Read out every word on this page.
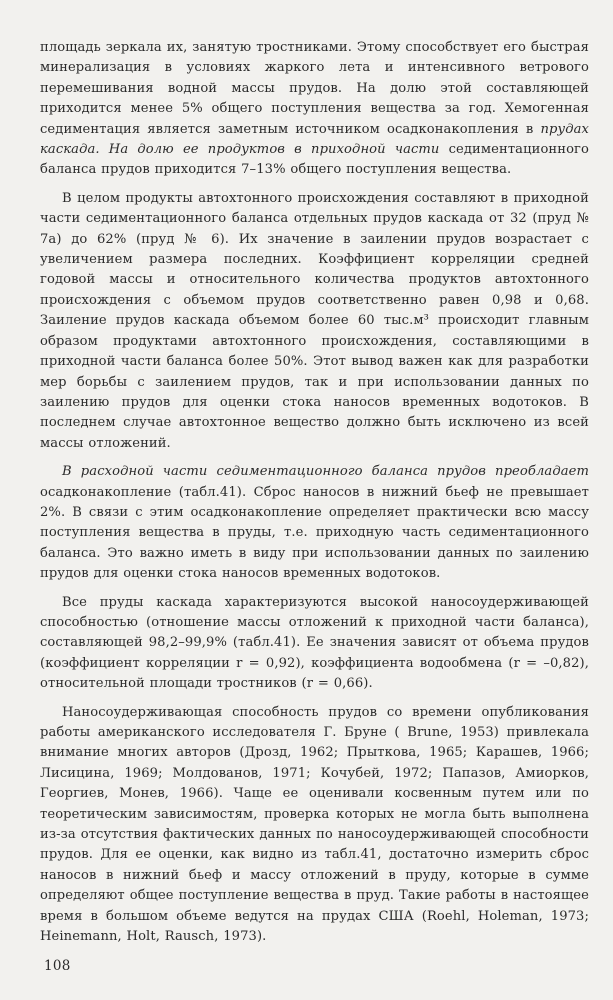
площадь зеркала их, занятую тростниками. Этому способствует его быстрая минерализация в условиях жаркого лета и интенсивного ветрового перемешивания водной массы прудов. На долю этой составляющей приходится менее 5% общего поступления вещества за год. Хемогенная седиментация является заметным источником осадконакопления в прудах каскада. На долю ее продуктов в приходной части седиментационного баланса прудов приходится 7–13% общего поступления вещества.

В целом продукты автохтонного происхождения составляют в приходной части седиментационного баланса отдельных прудов каскада от 32 (пруд № 7а) до 62% (пруд № 6). Их значение в заилении прудов возрастает с увеличением размера последних. Коэффициент корреляции средней годовой массы и относительного количества продуктов автохтонного происхождения с объемом прудов соответственно равен 0,98 и 0,68. Заиление прудов каскада объемом более 60 тыс.м³ происходит главным образом продуктами автохтонного происхождения, составляющими в приходной части баланса более 50%. Этот вывод важен как для разработки мер борьбы с заилением прудов, так и при использовании данных по заилению прудов для оценки стока наносов временных водотоков. В последнем случае автохтонное вещество должно быть исключено из всей массы отложений.

В расходной части седиментационного баланса прудов преобладает осадконакопление (табл.41). Сброс наносов в нижний бьеф не превышает 2%. В связи с этим осадконакопление определяет практически всю массу поступления вещества в пруды, т.е. приходную часть седиментационного баланса. Это важно иметь в виду при использовании данных по заилению прудов для оценки стока наносов временных водотоков.

Все пруды каскада характеризуются высокой наносоудерживающей способностью (отношение массы отложений к приходной части баланса), составляющей 98,2–99,9% (табл.41). Ее значения зависят от объема прудов (коэффициент корреляции r = 0,92), коэффициента водообмена (r = –0,82), относительной площади тростников (r = 0,66).

Наносоудерживающая способность прудов со времени опубликования работы американского исследователя Г. Бруне ( Brune, 1953) привлекала внимание многих авторов (Дрозд, 1962; Прыткова, 1965; Карашев, 1966; Лисицина, 1969; Молдованов, 1971; Кочубей, 1972; Папазов, Амиорков, Георгиев, Монев, 1966). Чаще ее оценивали косвенным путем или по теоретическим зависимостям, проверка которых не могла быть выполнена из-за отсутствия фактических данных по наносоудерживающей способности прудов. Для ее оценки, как видно из табл.41, достаточно измерить сброс наносов в нижний бьеф и массу отложений в пруду, которые в сумме определяют общее поступление вещества в пруд. Такие работы в настоящее время в большом объеме ведутся на прудах США (Roehl, Holeman, 1973; Heinemann, Holt, Rausch, 1973).

108
